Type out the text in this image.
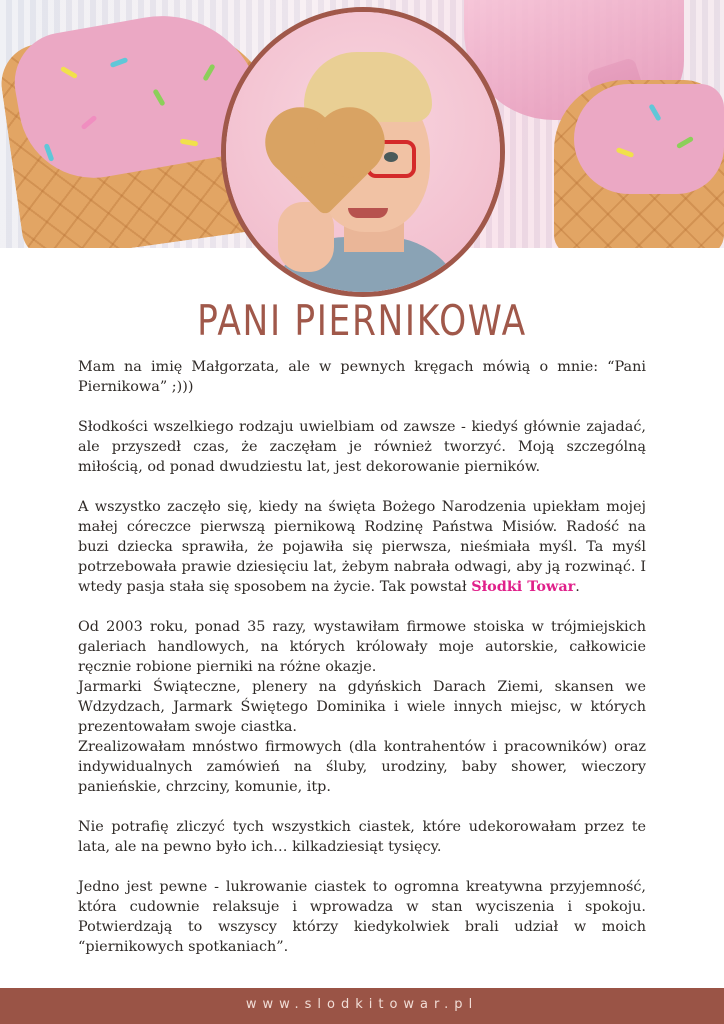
PANI PIERNIKOWA

Mam na imię Małgorzata, ale w pewnych kręgach mówią o mnie: “Pani Piernikowa” ;)))

Słodkości wszelkiego rodzaju uwielbiam od zawsze - kiedyś głównie zajadać, ale przyszedł czas, że zaczęłam je również tworzyć. Moją szczególną miłością, od ponad dwudziestu lat, jest dekorowanie pierników.

A wszystko zaczęło się, kiedy na święta Bożego Narodzenia upiekłam mojej małej córeczce pierwszą piernikową Rodzinę Państwa Misiów. Radość na buzi dziecka sprawiła, że pojawiła się pierwsza, nieśmiała myśl. Ta myśl potrzebowała prawie dziesięciu lat, żebym nabrała odwagi, aby ją rozwinąć. I wtedy pasja stała się sposobem na życie. Tak powstał Słodki Towar.

Od 2003 roku, ponad 35 razy, wystawiłam firmowe stoiska w trójmiejskich galeriach handlowych, na których królowały moje autorskie, całkowicie ręcznie robione pierniki na różne okazje.

Jarmarki Świąteczne, plenery na gdyńskich Darach Ziemi, skansen we Wdzydzach, Jarmark Świętego Dominika i wiele innych miejsc, w których prezentowałam swoje ciastka.

Zrealizowałam mnóstwo firmowych (dla kontrahentów i pracowników) oraz indywidualnych zamówień na śluby, urodziny, baby shower, wieczory panieńskie, chrzciny, komunie, itp.

Nie potrafię zliczyć tych wszystkich ciastek, które udekorowałam przez te lata, ale na pewno było ich… kilkadziesiąt tysięcy.

Jedno jest pewne - lukrowanie ciastek to ogromna kreatywna przyjemność, która cudownie relaksuje i wprowadza w stan wyciszenia i spokoju. Potwierdzają to wszyscy którzy kiedykolwiek brali udział w moich “piernikowych spotkaniach”.

www.slodkitowar.pl
